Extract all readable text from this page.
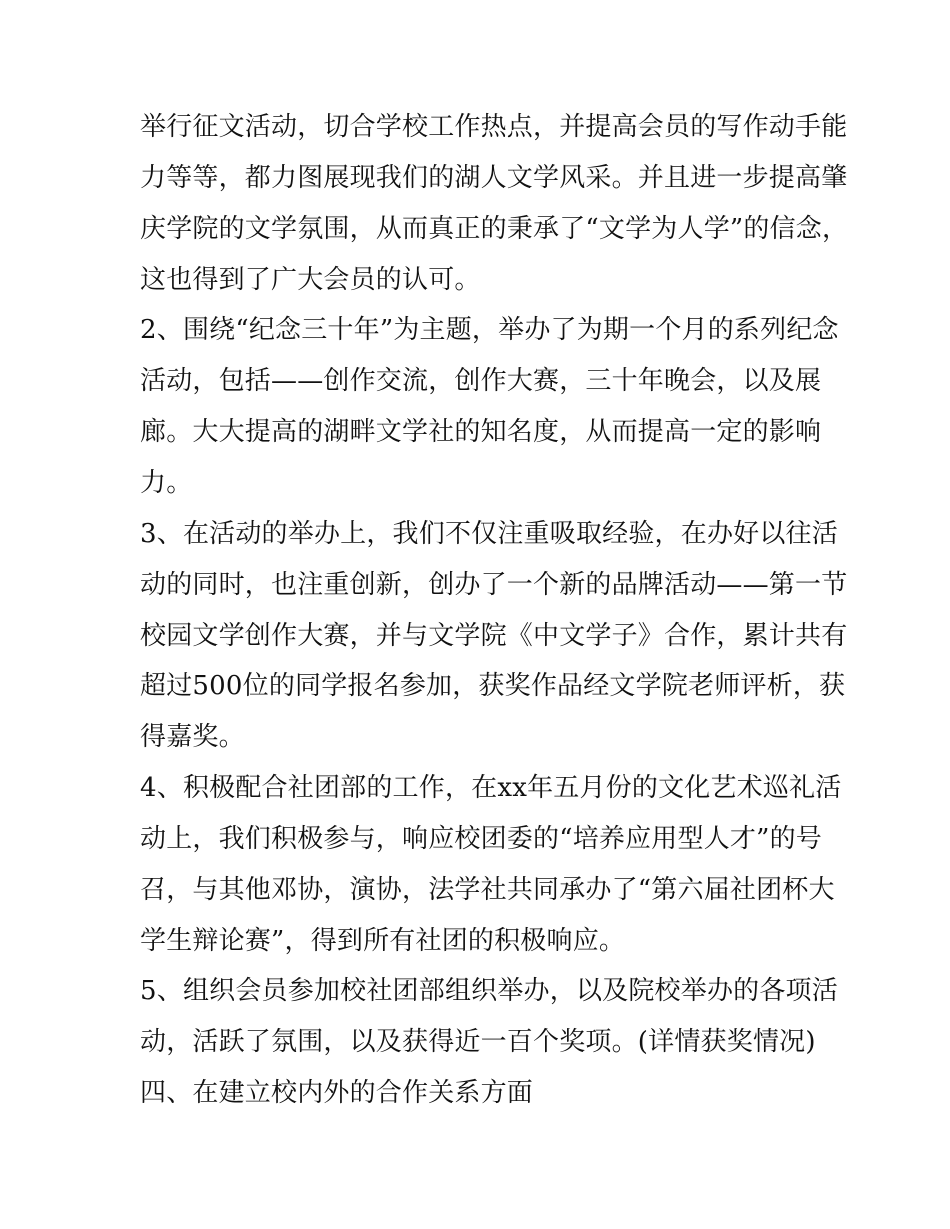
举行征文活动，切合学校工作热点，并提高会员的写作动手能
力等等，都力图展现我们的湖人文学风采。并且进一步提高肇
庆学院的文学氛围，从而真正的秉承了“文学为人学”的信念，
这也得到了广大会员的认可。
2、围绕“纪念三十年”为主题，举办了为期一个月的系列纪念
活动，包括——创作交流，创作大赛，三十年晚会，以及展
廊。大大提高的湖畔文学社的知名度，从而提高一定的影响
力。
3、在活动的举办上，我们不仅注重吸取经验，在办好以往活
动的同时，也注重创新，创办了一个新的品牌活动——第一节
校园文学创作大赛，并与文学院《中文学子》合作，累计共有
超过500位的同学报名参加，获奖作品经文学院老师评析，获
得嘉奖。
4、积极配合社团部的工作，在xx年五月份的文化艺术巡礼活
动上，我们积极参与，响应校团委的“培养应用型人才”的号
召，与其他邓协，演协，法学社共同承办了“第六届社团杯大
学生辩论赛”，得到所有社团的积极响应。
5、组织会员参加校社团部组织举办，以及院校举办的各项活
动，活跃了氛围，以及获得近一百个奖项。(详情获奖情况)
四、在建立校内外的合作关系方面
